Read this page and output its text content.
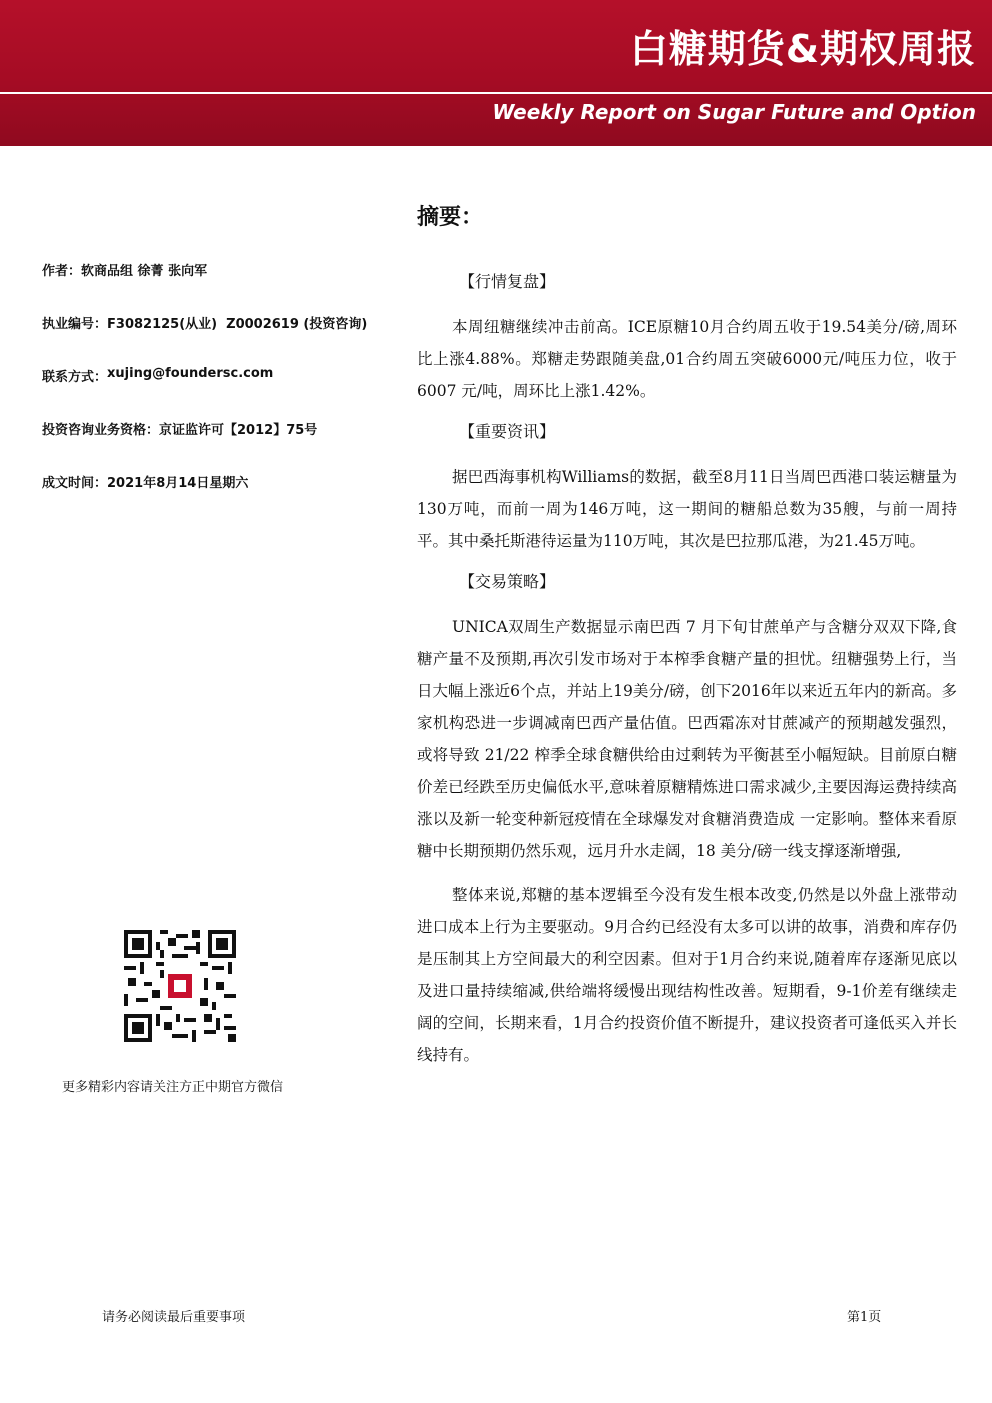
白糖期货&期权周报
Weekly Report on Sugar Future and Option
作者：软商品组 徐菁 张向军
执业编号：F3082125(从业)  Z0002619 (投资咨询)
联系方式：xujing@foundersc.com
投资咨询业务资格：京证监许可【2012】75号
成文时间：2021年8月14日星期六
更多精彩内容请关注方正中期官方微信
摘要：
【行情复盘】

本周纽糖继续冲击前高。ICE原糖10月合约周五收于19.54美分/磅,周环比上涨4.88%。郑糖走势跟随美盘,01合约周五突破6000元/吨压力位，收于6007 元/吨，周环比上涨1.42%。

【重要资讯】

据巴西海事机构Williams的数据，截至8月11日当周巴西港口装运糖量为130万吨，而前一周为146万吨，这一期间的糖船总数为35艘，与前一周持平。其中桑托斯港待运量为110万吨，其次是巴拉那瓜港，为21.45万吨。

【交易策略】

UNICA双周生产数据显示南巴西 7 月下旬甘蔗单产与含糖分双双下降,食糖产量不及预期,再次引发市场对于本榨季食糖产量的担忧。纽糖强势上行，当日大幅上涨近6个点，并站上19美分/磅，创下2016年以来近五年内的新高。多家机构恐进一步调减南巴西产量估值。巴西霜冻对甘蔗减产的预期越发强烈，或将导致 21/22 榨季全球食糖供给由过剩转为平衡甚至小幅短缺。目前原白糖价差已经跌至历史偏低水平,意味着原糖精炼进口需求减少,主要因海运费持续高涨以及新一轮变种新冠疫情在全球爆发对食糖消费造成 一定影响。整体来看原糖中长期预期仍然乐观，远月升水走阔，18 美分/磅一线支撑逐渐增强,

整体来说,郑糖的基本逻辑至今没有发生根本改变,仍然是以外盘上涨带动进口成本上行为主要驱动。9月合约已经没有太多可以讲的故事，消费和库存仍是压制其上方空间最大的利空因素。但对于1月合约来说,随着库存逐渐见底以及进口量持续缩减,供给端将缓慢出现结构性改善。短期看，9-1价差有继续走阔的空间，长期来看，1月合约投资价值不断提升，建议投资者可逢低买入并长线持有。

请务必阅读最后重要事项	第1页
